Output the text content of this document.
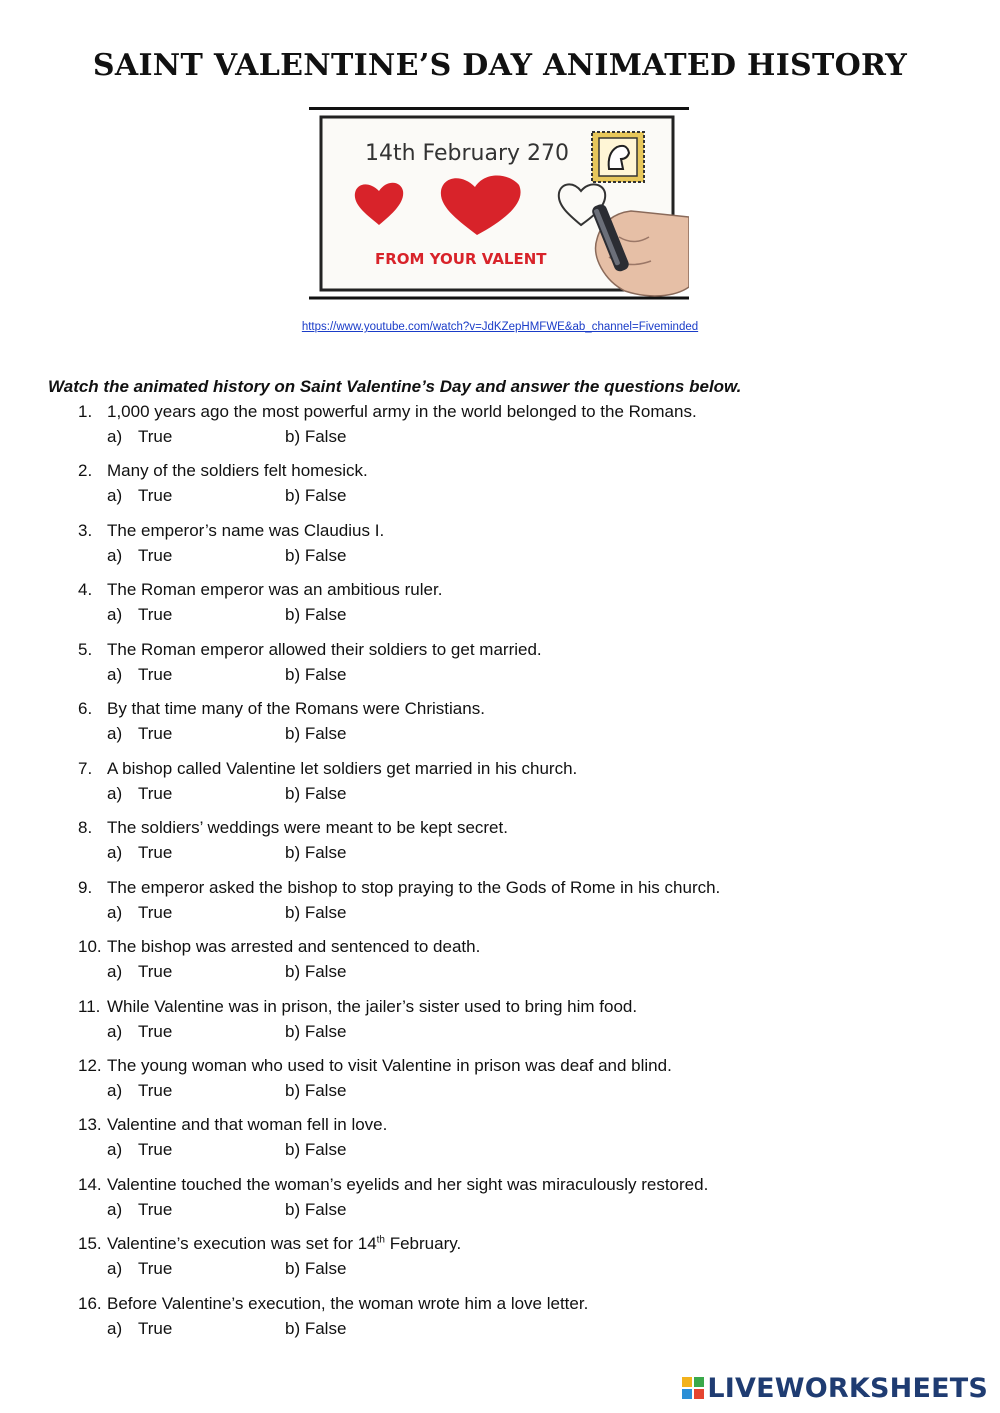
SAINT VALENTINE’S DAY ANIMATED HISTORY
14th February 270
FROM YOUR VALENT
https://www.youtube.com/watch?v=JdKZepHMFWE&ab_channel=Fiveminded
Watch the animated history on Saint Valentine’s Day and answer the questions below.
1. 1,000 years ago the most powerful army in the world belonged to the Romans.
a) True	b) False
2. Many of the soldiers felt homesick.
a) True	b) False
3. The emperor’s name was Claudius I.
a) True	b) False
4. The Roman emperor was an ambitious ruler.
a) True	b) False
5. The Roman emperor allowed their soldiers to get married.
a) True	b) False
6. By that time many of the Romans were Christians.
a) True	b) False
7. A bishop called Valentine let soldiers get married in his church.
a) True	b) False
8. The soldiers’ weddings were meant to be kept secret.
a) True	b) False
9. The emperor asked the bishop to stop praying to the Gods of Rome in his church.
a) True	b) False
10. The bishop was arrested and sentenced to death.
a) True	b) False
11. While Valentine was in prison, the jailer’s sister used to bring him food.
a) True	b) False
12. The young woman who used to visit Valentine in prison was deaf and blind.
a) True	b) False
13. Valentine and that woman fell in love.
a) True	b) False
14. Valentine touched the woman’s eyelids and her sight was miraculously restored.
a) True	b) False
15. Valentine’s execution was set for 14th February.
a) True	b) False
16. Before Valentine’s execution, the woman wrote him a love letter.
a) True	b) False
LIVEWORKSHEETS
